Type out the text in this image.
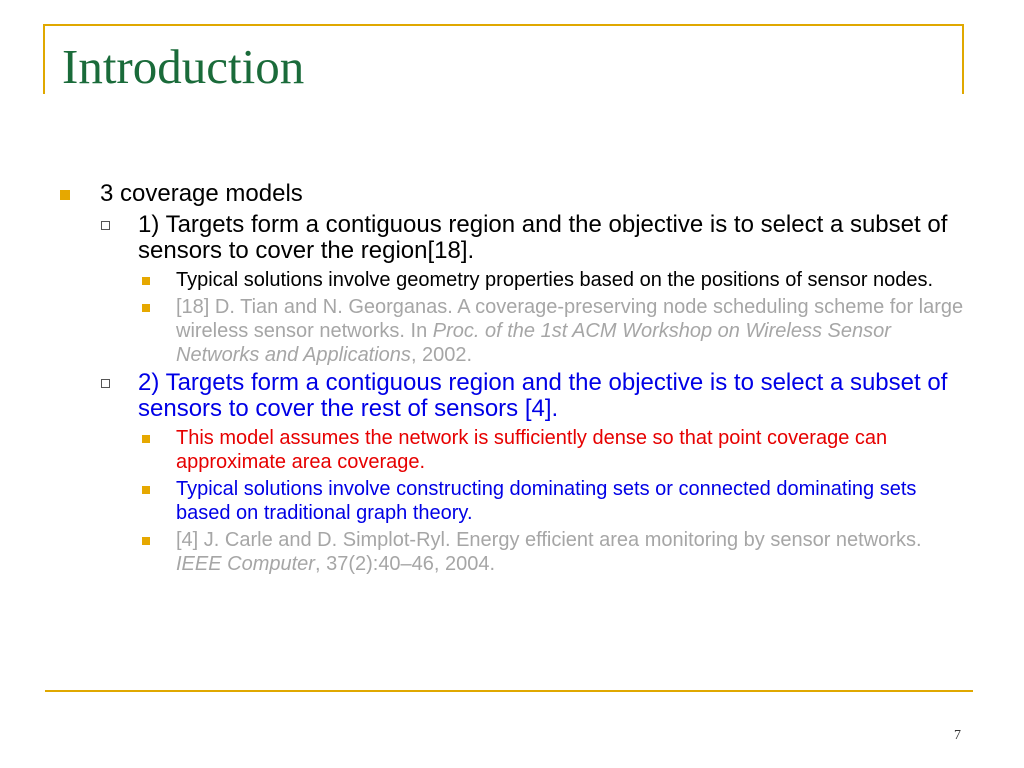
Introduction
3 coverage models
1) Targets form a contiguous region and the objective is to select a subset of sensors to cover the region[18].
Typical solutions involve geometry properties based on the positions of sensor nodes.
[18] D. Tian and N. Georganas. A coverage-preserving node scheduling scheme for large wireless sensor networks. In Proc. of the 1st ACM Workshop on Wireless Sensor Networks and Applications, 2002.
2) Targets form a contiguous region and the objective is to select a subset of sensors to cover the rest of sensors [4].
This model assumes the network is sufficiently dense so that point coverage can approximate area coverage.
Typical solutions involve constructing dominating sets or connected dominating sets based on traditional graph theory.
[4] J. Carle and D. Simplot-Ryl. Energy efficient area monitoring by sensor networks. IEEE Computer, 37(2):40–46, 2004.
7
